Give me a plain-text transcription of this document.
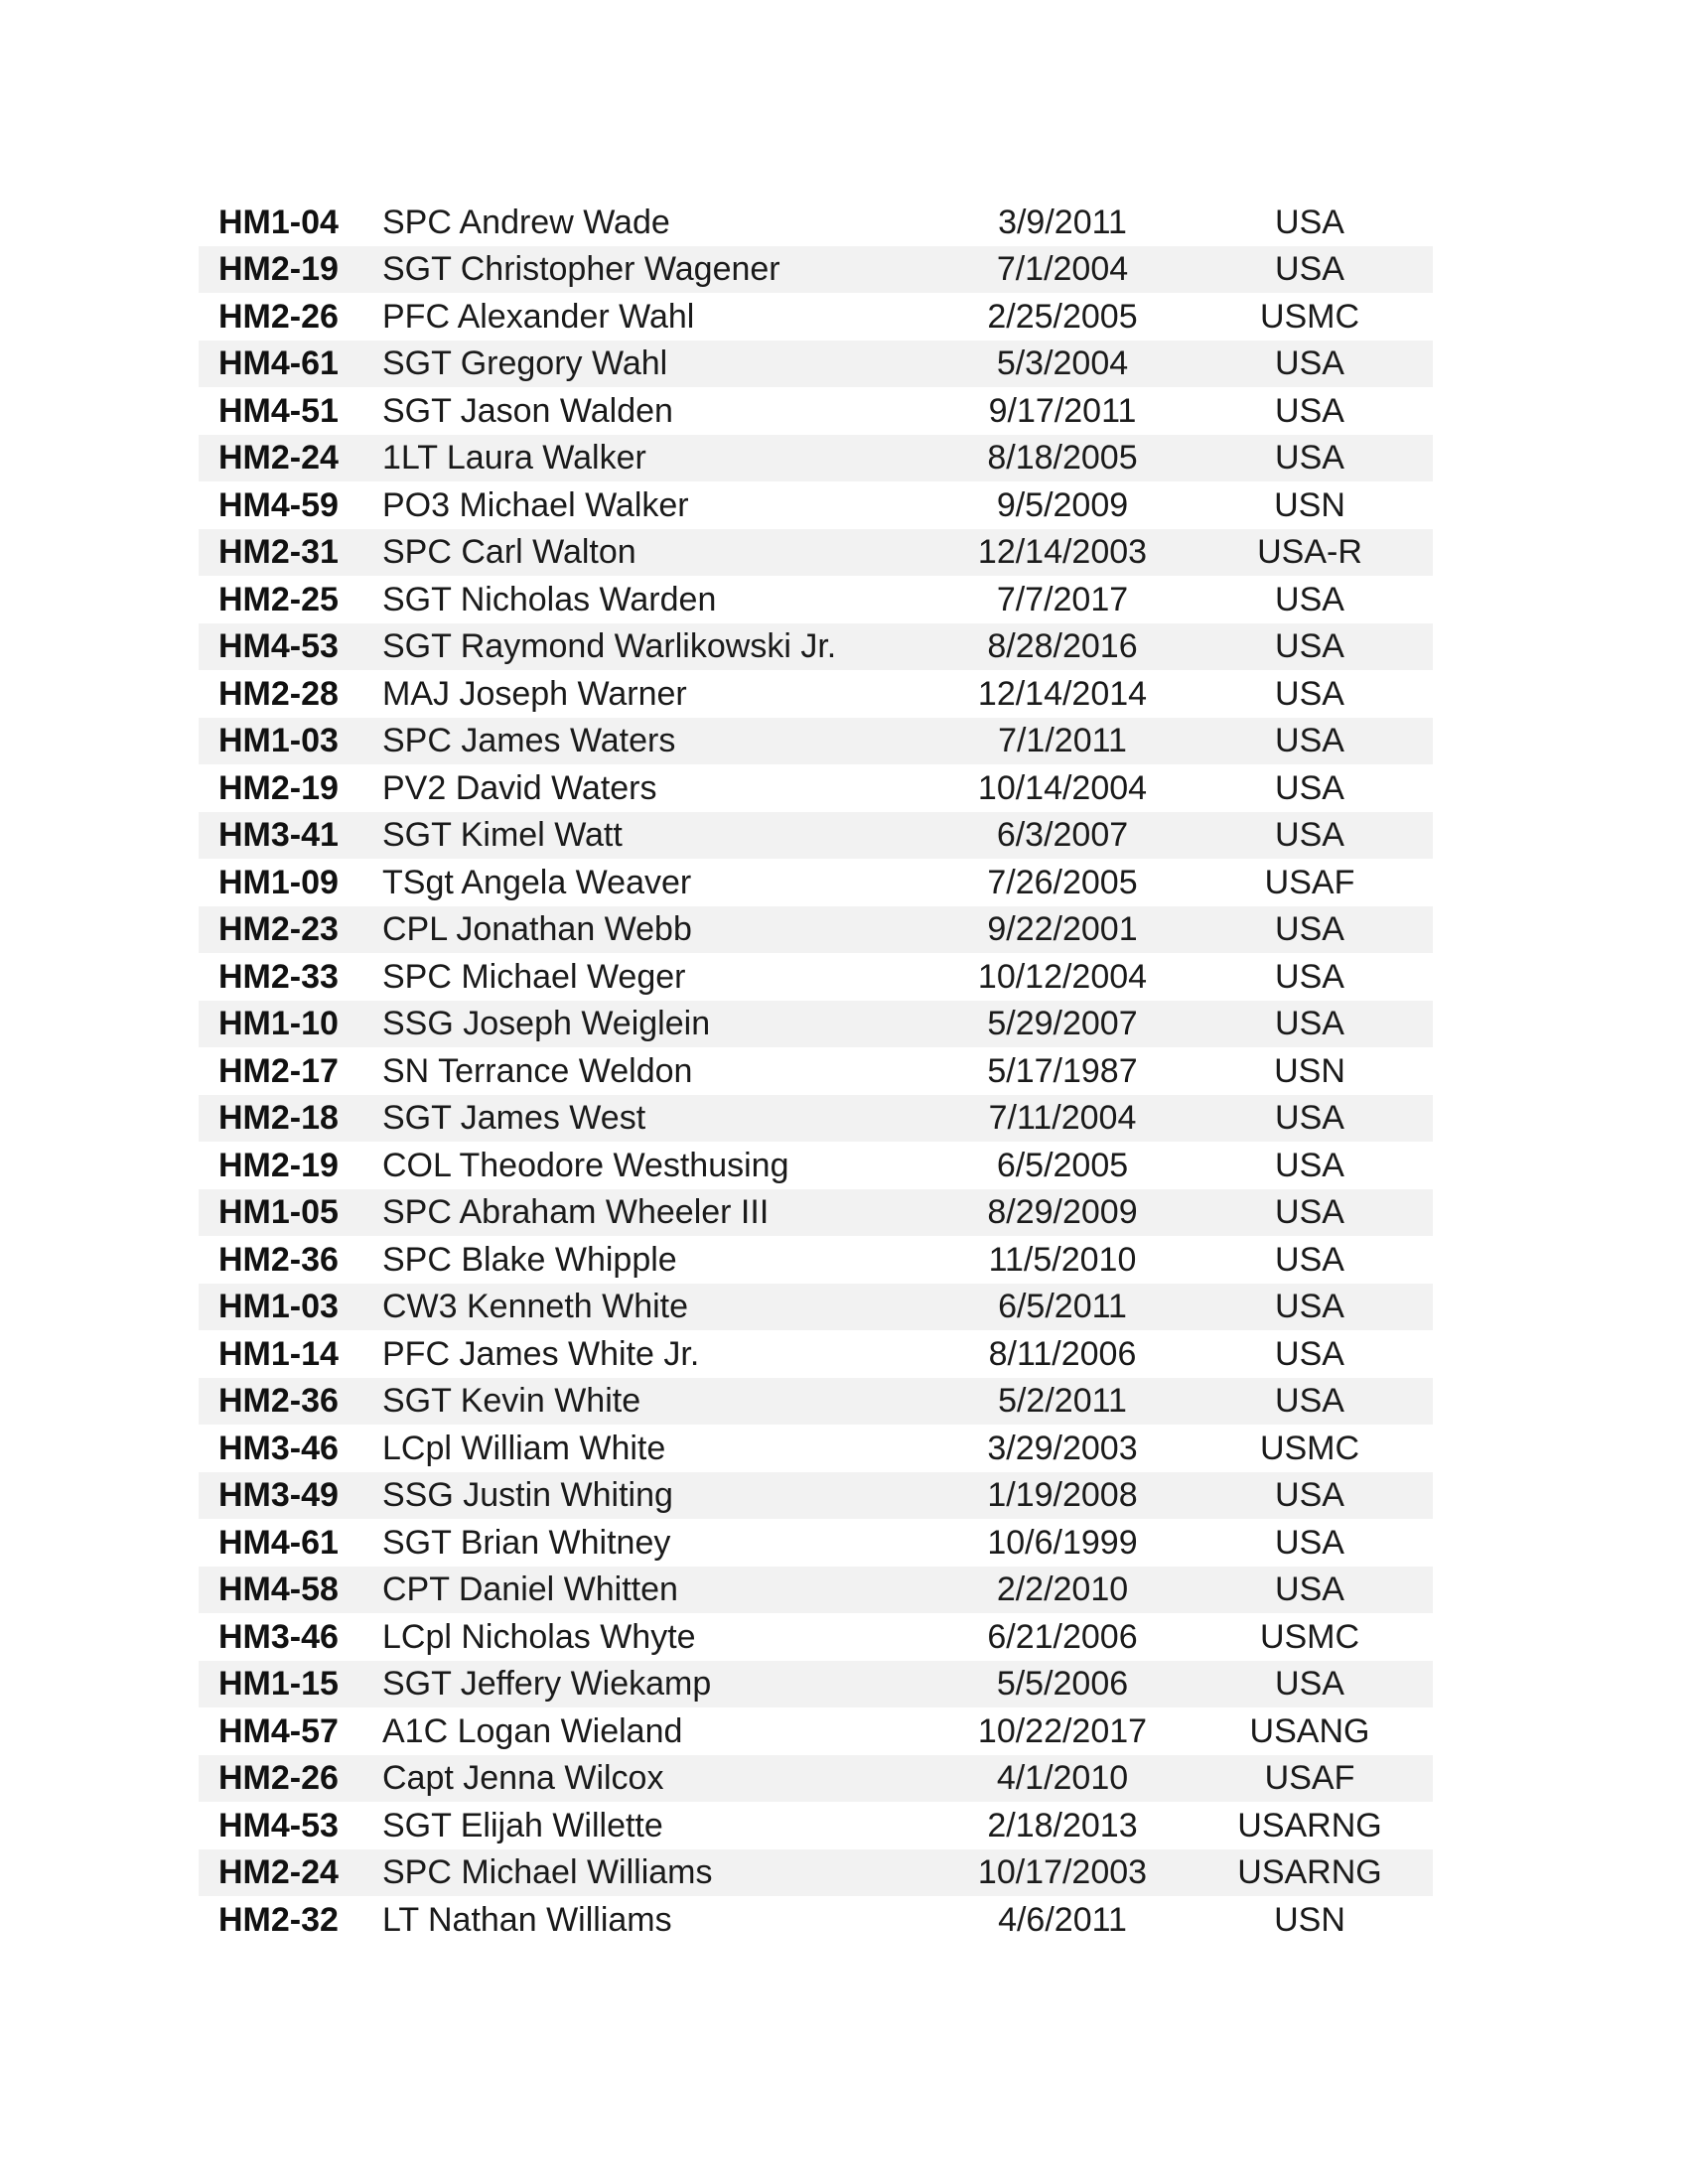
HM1-04	SPC Andrew Wade	3/9/2011	USA
HM2-19	SGT Christopher Wagener	7/1/2004	USA
HM2-26	PFC Alexander Wahl	2/25/2005	USMC
HM4-61	SGT Gregory Wahl	5/3/2004	USA
HM4-51	SGT Jason Walden	9/17/2011	USA
HM2-24	1LT Laura Walker	8/18/2005	USA
HM4-59	PO3 Michael Walker	9/5/2009	USN
HM2-31	SPC Carl Walton	12/14/2003	USA-R
HM2-25	SGT Nicholas Warden	7/7/2017	USA
HM4-53	SGT Raymond Warlikowski Jr.	8/28/2016	USA
HM2-28	MAJ Joseph Warner	12/14/2014	USA
HM1-03	SPC James Waters	7/1/2011	USA
HM2-19	PV2 David Waters	10/14/2004	USA
HM3-41	SGT Kimel Watt	6/3/2007	USA
HM1-09	TSgt Angela Weaver	7/26/2005	USAF
HM2-23	CPL Jonathan Webb	9/22/2001	USA
HM2-33	SPC Michael Weger	10/12/2004	USA
HM1-10	SSG Joseph Weiglein	5/29/2007	USA
HM2-17	SN Terrance Weldon	5/17/1987	USN
HM2-18	SGT James West	7/11/2004	USA
HM2-19	COL Theodore Westhusing	6/5/2005	USA
HM1-05	SPC Abraham Wheeler III	8/29/2009	USA
HM2-36	SPC Blake Whipple	11/5/2010	USA
HM1-03	CW3 Kenneth White	6/5/2011	USA
HM1-14	PFC James White Jr.	8/11/2006	USA
HM2-36	SGT Kevin White	5/2/2011	USA
HM3-46	LCpl William White	3/29/2003	USMC
HM3-49	SSG Justin Whiting	1/19/2008	USA
HM4-61	SGT Brian Whitney	10/6/1999	USA
HM4-58	CPT Daniel Whitten	2/2/2010	USA
HM3-46	LCpl Nicholas Whyte	6/21/2006	USMC
HM1-15	SGT Jeffery Wiekamp	5/5/2006	USA
HM4-57	A1C Logan Wieland	10/22/2017	USANG
HM2-26	Capt Jenna Wilcox	4/1/2010	USAF
HM4-53	SGT Elijah Willette	2/18/2013	USARNG
HM2-24	SPC Michael Williams	10/17/2003	USARNG
HM2-32	LT Nathan Williams	4/6/2011	USN
